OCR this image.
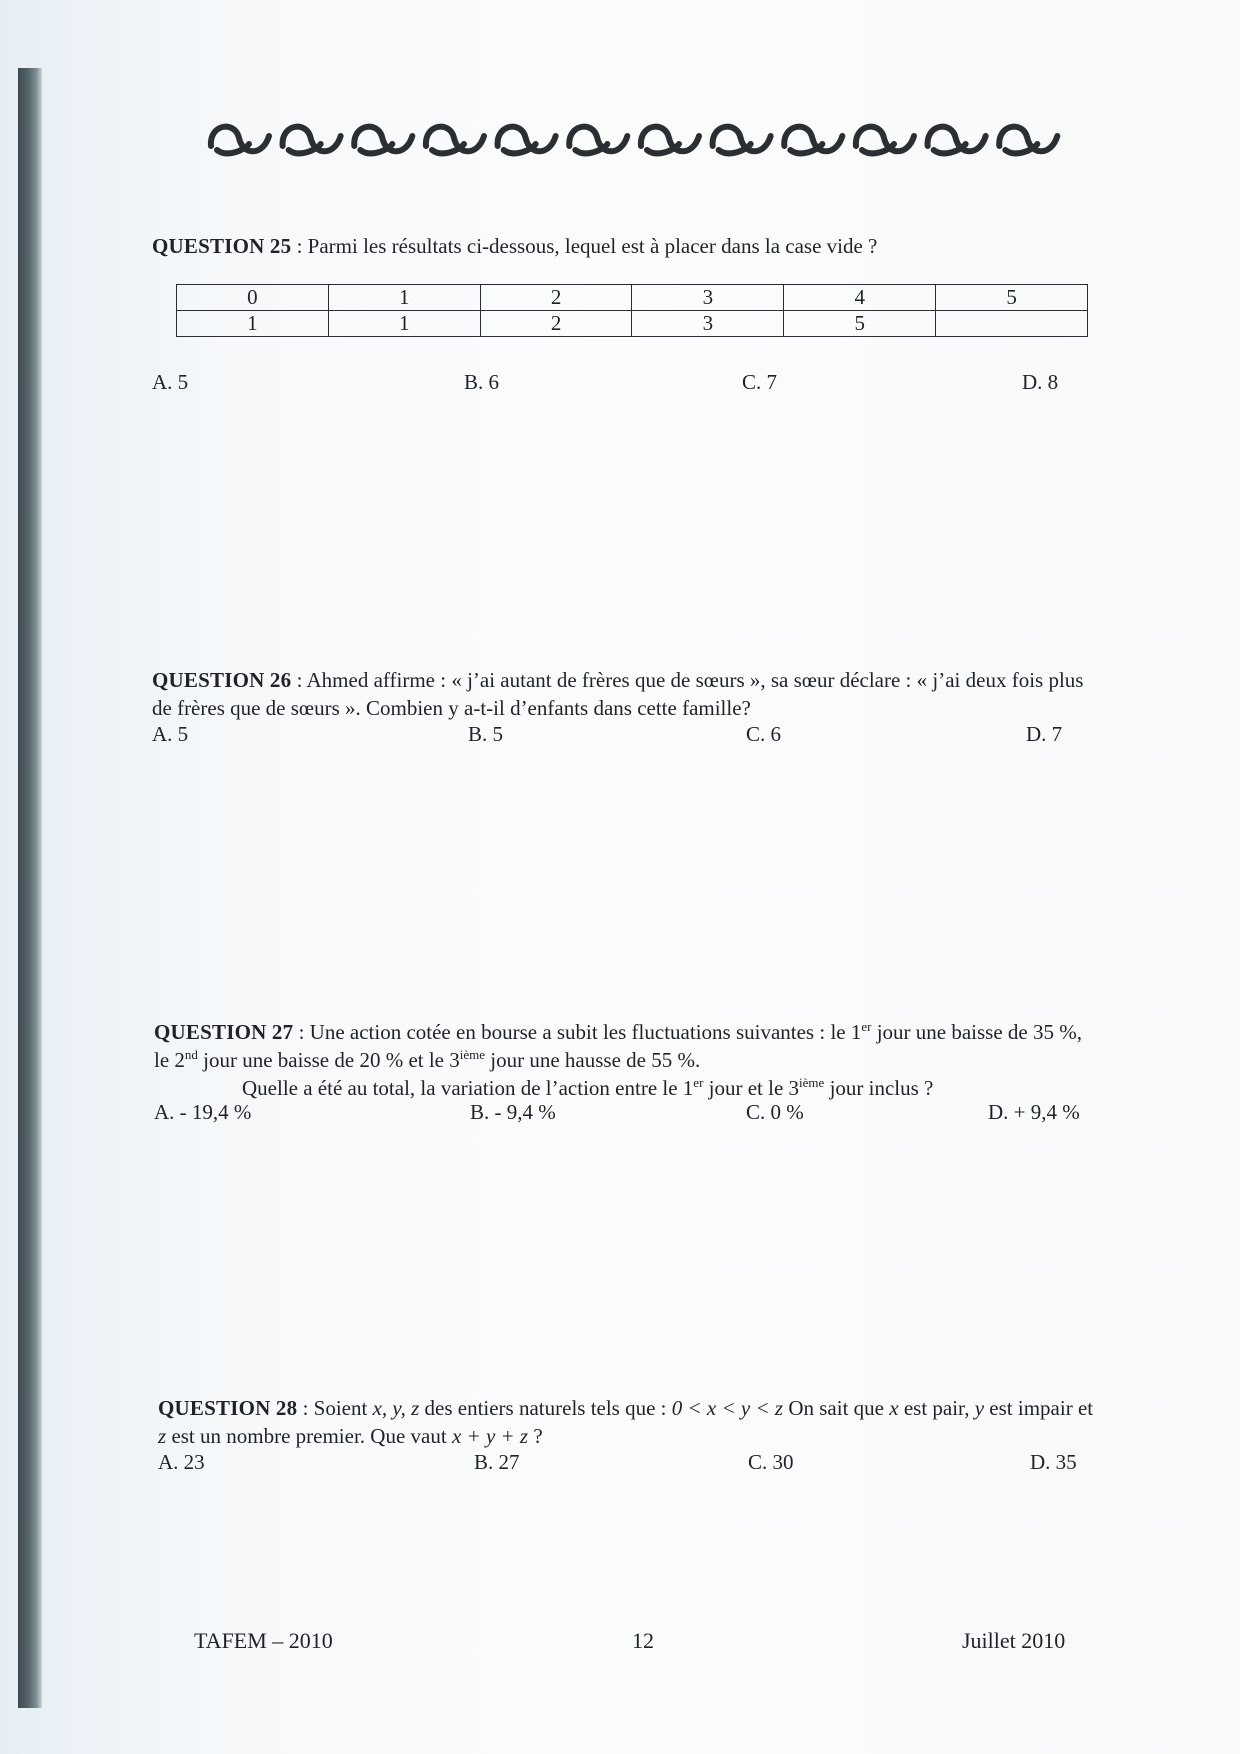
QUESTION 25 : Parmi les résultats ci-dessous, lequel est à placer dans la case vide ?
0	1	2	3	4	5
1	1	2	3	5	
A. 5	B. 6	C. 7	D. 8
QUESTION 26 : Ahmed affirme : « j’ai autant de frères que de sœurs », sa sœur déclare : « j’ai deux fois plus de frères que de sœurs ». Combien y a-t-il d’enfants dans cette famille?
A. 5	B. 5	C. 6	D. 7
QUESTION 27 : Une action cotée en bourse a subit les fluctuations suivantes : le 1er jour une baisse de 35 %, le 2nd jour une baisse de 20 % et le 3ième jour une hausse de 55 %.
Quelle a été au total, la variation de l’action entre le 1er jour et le 3ième jour inclus ?
A. - 19,4 %	B. - 9,4 %	C. 0 %	D. + 9,4 %
QUESTION 28 : Soient x, y, z des entiers naturels tels que : 0 < x < y < z On sait que x est pair, y est impair et z est un nombre premier. Que vaut x + y + z ?
A. 23	B. 27	C. 30	D. 35
TAFEM – 2010	12	Juillet 2010
